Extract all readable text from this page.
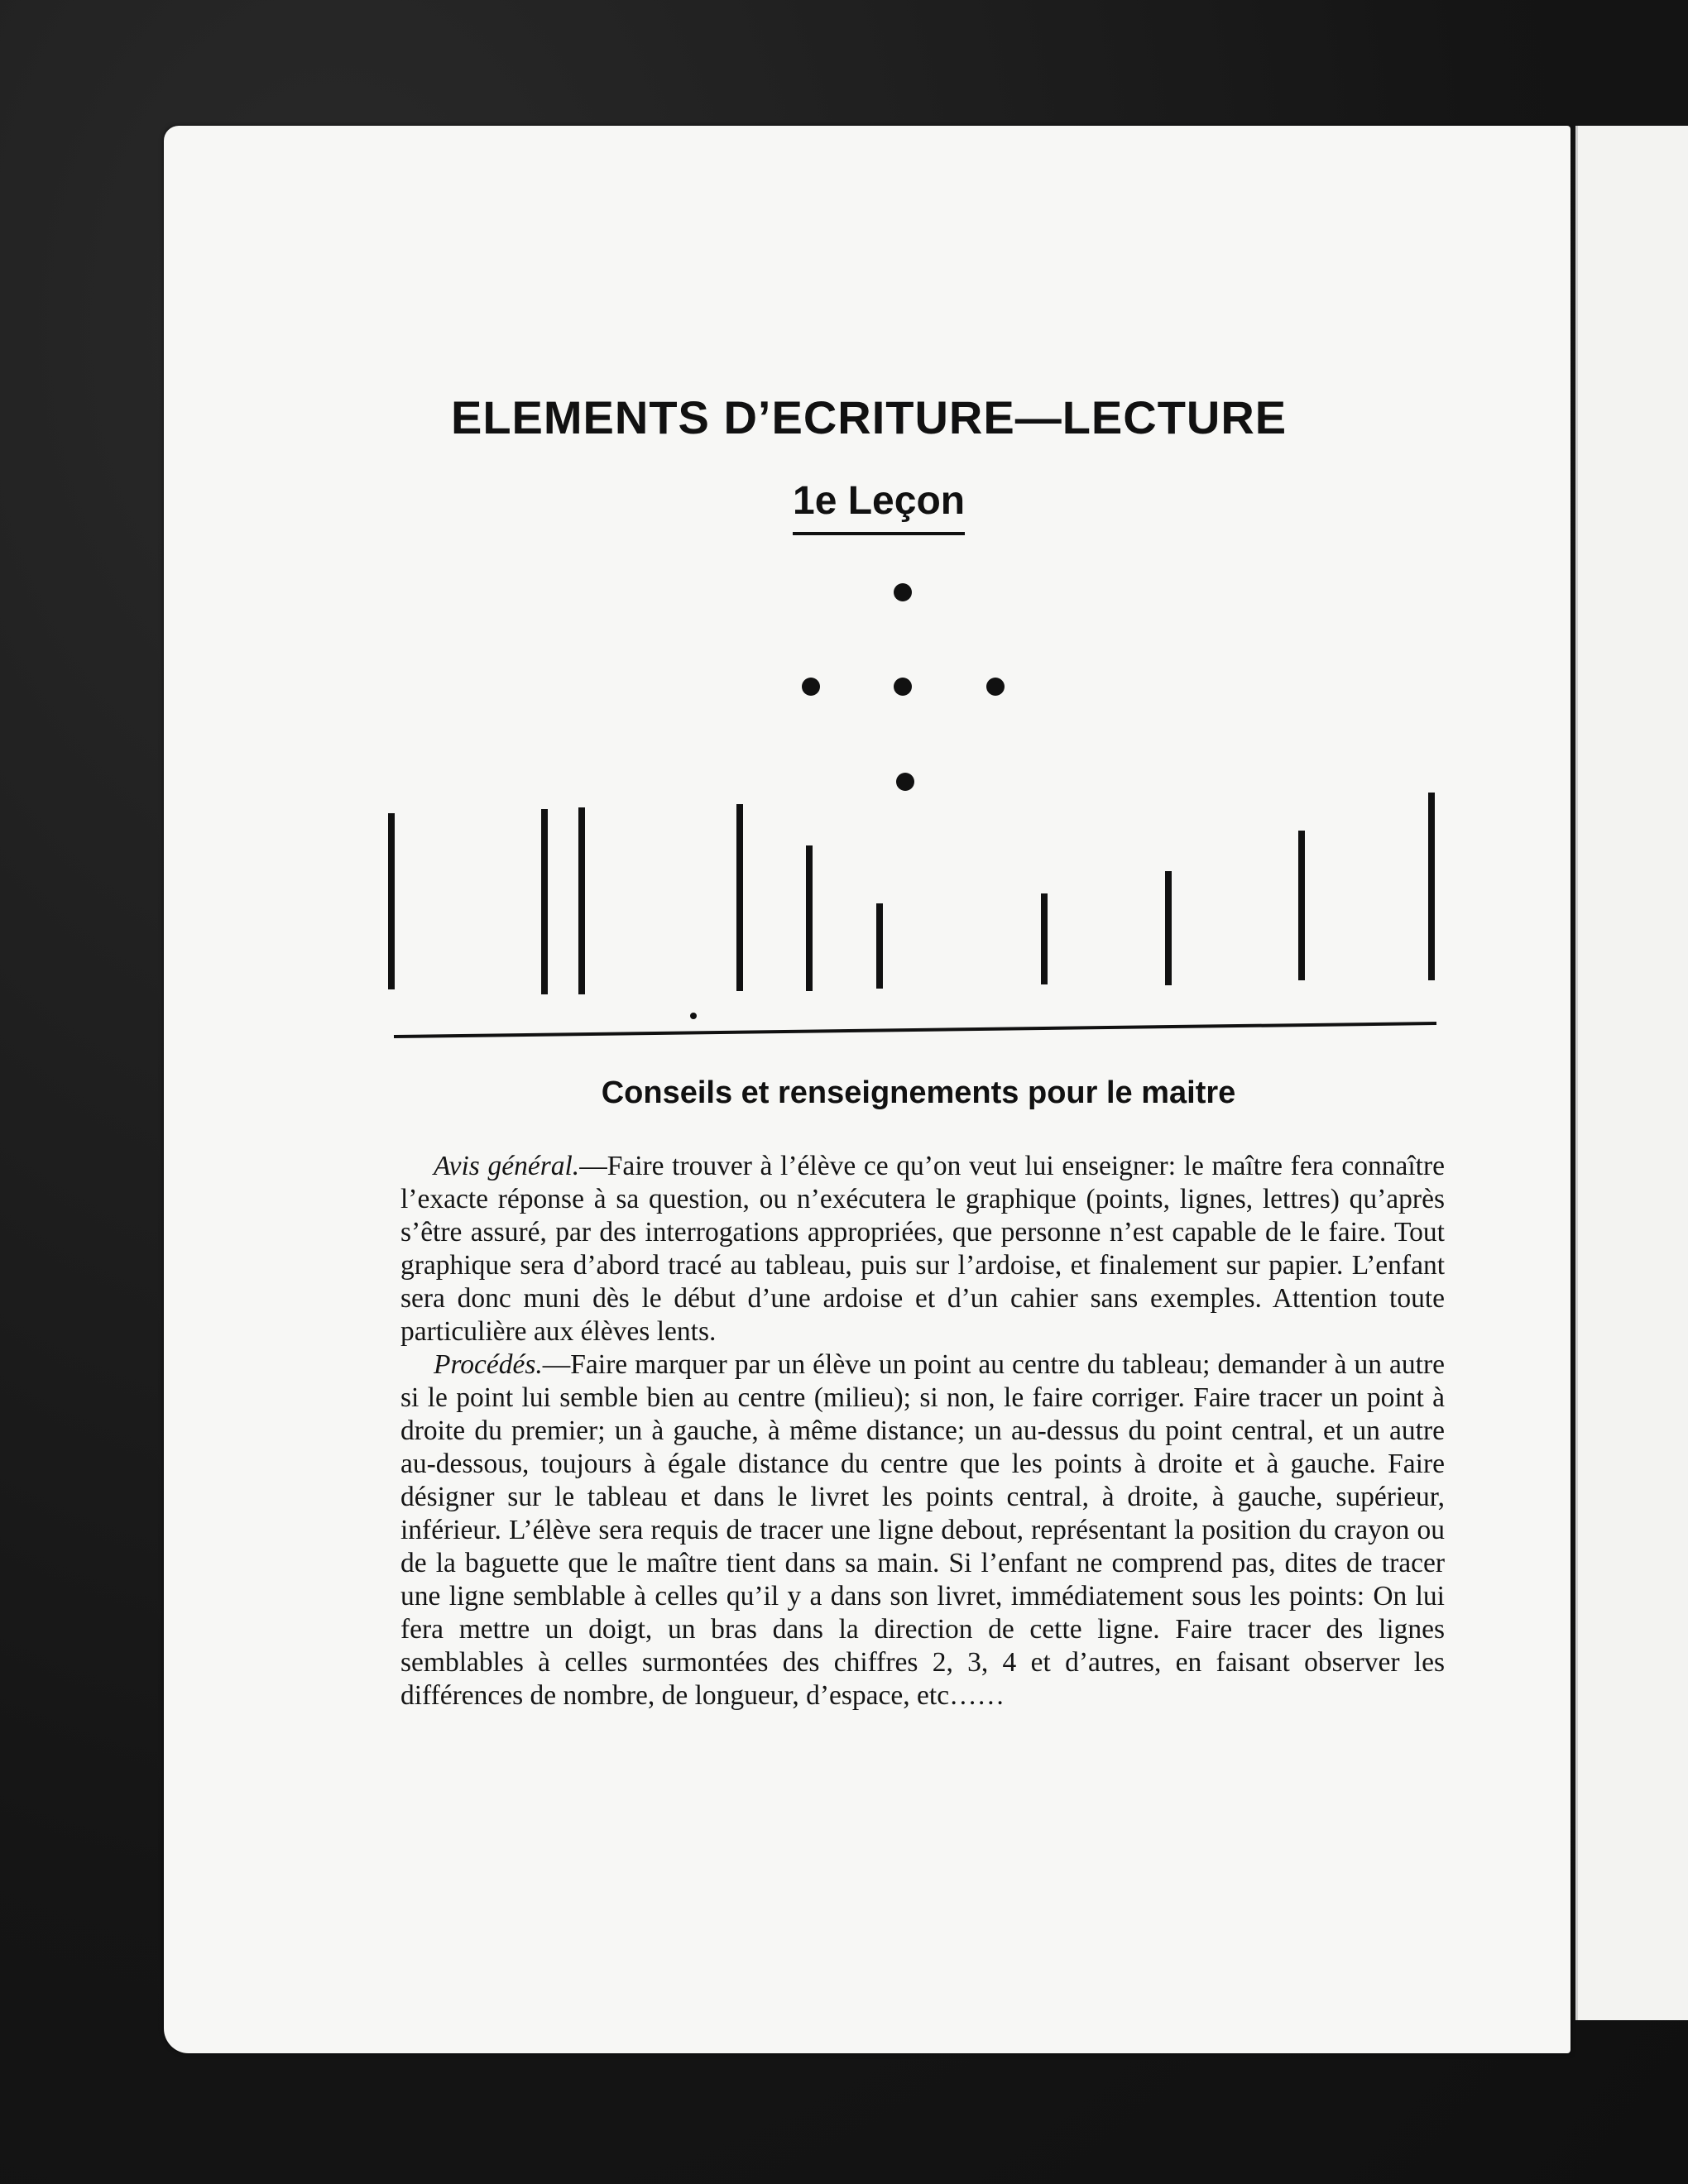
ELEMENTS D’ECRITURE—LECTURE
1e Leçon
Conseils et renseignements pour le maitre

Avis général.—Faire trouver à l’élève ce qu’on veut lui enseigner: le maître fera connaître l’exacte réponse à sa question, ou n’exécutera le graphique (points, lignes, lettres) qu’après s’être assuré, par des interrogations appropriées, que personne n’est capable de le faire. Tout graphique sera d’abord tracé au tableau, puis sur l’ardoise, et finalement sur papier. L’enfant sera donc muni dès le début d’une ardoise et d’un cahier sans exemples. Attention toute particulière aux élèves lents.

Procédés.—Faire marquer par un élève un point au centre du tableau; demander à un autre si le point lui semble bien au centre (milieu); si non, le faire corriger. Faire tracer un point à droite du premier; un à gauche, à même distance; un au-dessus du point central, et un autre au-dessous, toujours à égale distance du centre que les points à droite et à gauche. Faire désigner sur le tableau et dans le livret les points central, à droite, à gauche, supérieur, inférieur. L’élève sera requis de tracer une ligne debout, représentant la position du crayon ou de la baguette que le maître tient dans sa main. Si l’enfant ne comprend pas, dites de tracer une ligne semblable à celles qu’il y a dans son livret, immédiatement sous les points: On lui fera mettre un doigt, un bras dans la direction de cette ligne. Faire tracer des lignes semblables à celles surmontées des chiffres 2, 3, 4 et d’autres, en faisant observer les différences de nombre, de longueur, d’espace, etc……
